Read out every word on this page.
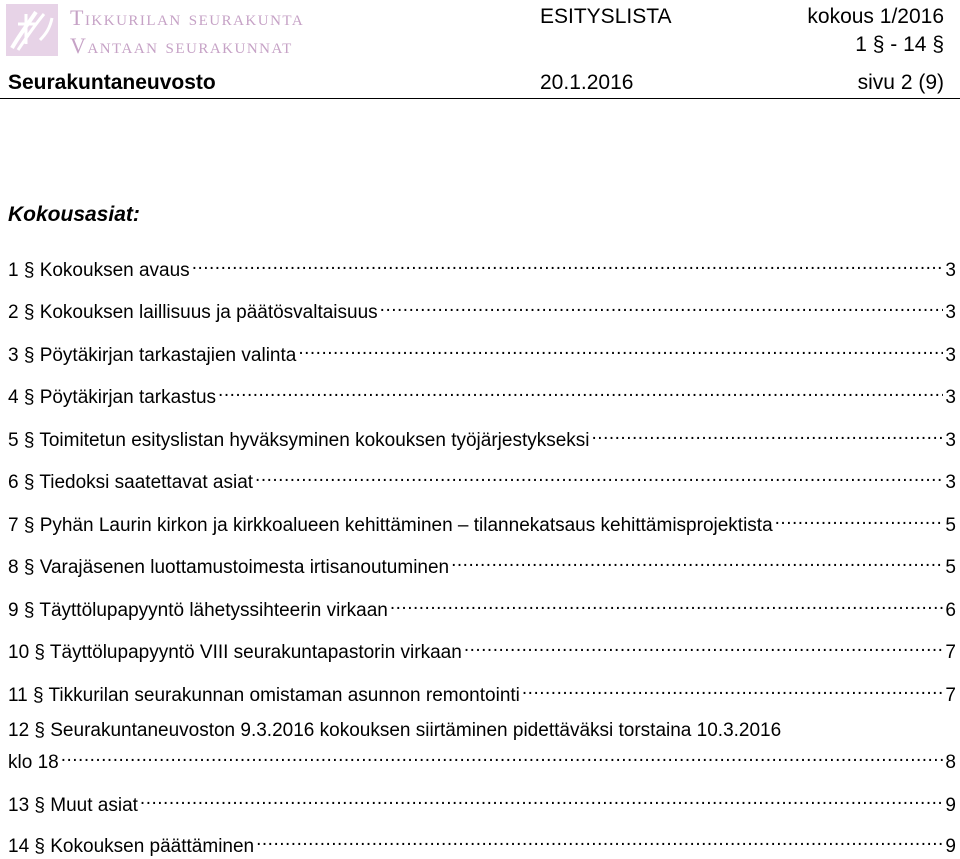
Tikkurilan seurakunta
Vantaan seurakunnat
ESITYSLISTA	kokous 1/2016
1 § - 14 §
Seurakuntaneuvosto	20.1.2016	sivu 2 (9)
Kokousasiat:
1 § Kokouksen avaus .....	3
2 § Kokouksen laillisuus ja päätösvaltaisuus .....	3
3 § Pöytäkirjan tarkastajien valinta .....	3
4 § Pöytäkirjan tarkastus .....	3
5 § Toimitetun esityslistan hyväksyminen kokouksen työjärjestykseksi .....	3
6 § Tiedoksi saatettavat asiat .....	3
7 § Pyhän Laurin kirkon ja kirkkoalueen kehittäminen – tilannekatsaus kehittämisprojektista .....	5
8 § Varajäsenen luottamustoimesta irtisanoutuminen .....	5
9 § Täyttölupapyyntö lähetyssihteerin virkaan .....	6
10 § Täyttölupapyyntö VIII seurakuntapastorin virkaan .....	7
11 § Tikkurilan seurakunnan omistaman asunnon remontointi .....	7
12 § Seurakuntaneuvoston 9.3.2016 kokouksen siirtäminen pidettäväksi torstaina 10.3.2016
klo 18 .....	8
13 § Muut asiat .....	9
14 § Kokouksen päättäminen .....	9
